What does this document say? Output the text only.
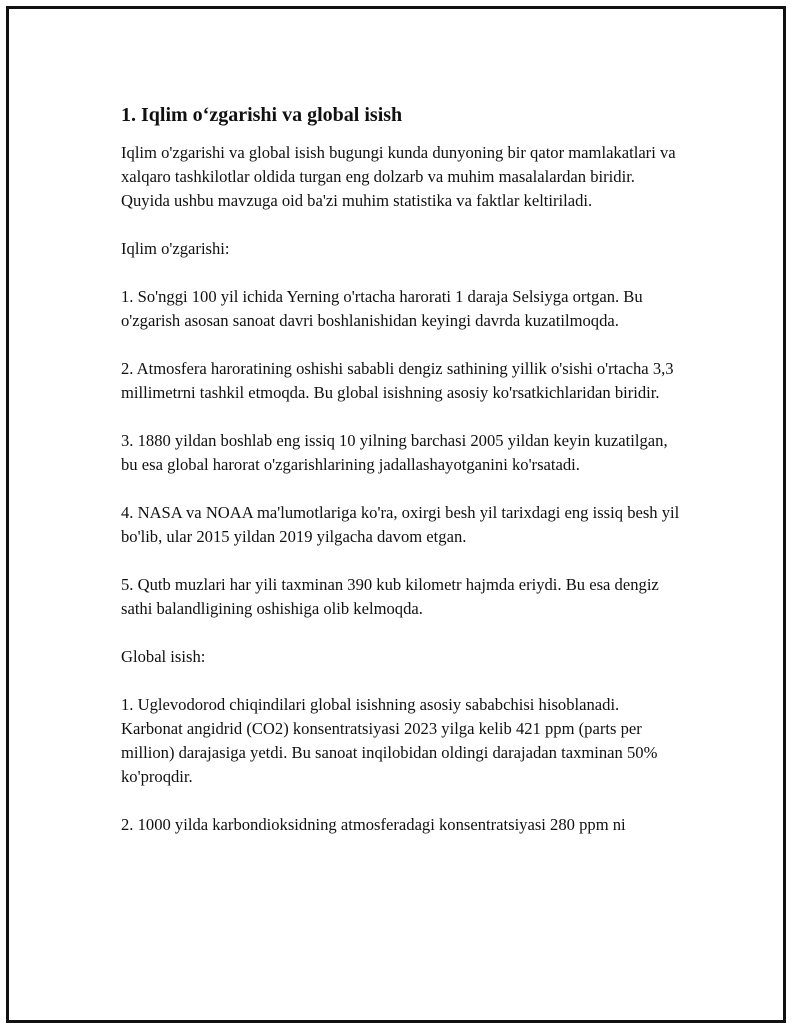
1. Iqlim o‘zgarishi va global isish

Iqlim o'zgarishi va global isish bugungi kunda dunyoning bir qator mamlakatlari va xalqaro tashkilotlar oldida turgan eng dolzarb va muhim masalalardan biridir. Quyida ushbu mavzuga oid ba'zi muhim statistika va faktlar keltiriladi.

Iqlim o'zgarishi:

1. So'nggi 100 yil ichida Yerning o'rtacha harorati 1 daraja Selsiyga ortgan. Bu o'zgarish asosan sanoat davri boshlanishidan keyingi davrda kuzatilmoqda.

2. Atmosfera haroratining oshishi sababli dengiz sathining yillik o'sishi o'rtacha 3,3 millimetrni tashkil etmoqda. Bu global isishning asosiy ko'rsatkichlaridan biridir.

3. 1880 yildan boshlab eng issiq 10 yilning barchasi 2005 yildan keyin kuzatilgan, bu esa global harorat o'zgarishlarining jadallashayotganini ko'rsatadi.

4. NASA va NOAA ma'lumotlariga ko'ra, oxirgi besh yil tarixdagi eng issiq besh yil bo'lib, ular 2015 yildan 2019 yilgacha davom etgan.

5. Qutb muzlari har yili taxminan 390 kub kilometr hajmda eriydi. Bu esa dengiz sathi balandligining oshishiga olib kelmoqda.

Global isish:

1. Uglevodorod chiqindilari global isishning asosiy sababchisi hisoblanadi. Karbonat angidrid (CO2) konsentratsiyasi 2023 yilga kelib 421 ppm (parts per million) darajasiga yetdi. Bu sanoat inqilobidan oldingi darajadan taxminan 50% ko'proqdir.

2. 1000 yilda karbondioksidning atmosferadagi konsentratsiyasi 280 ppm ni
